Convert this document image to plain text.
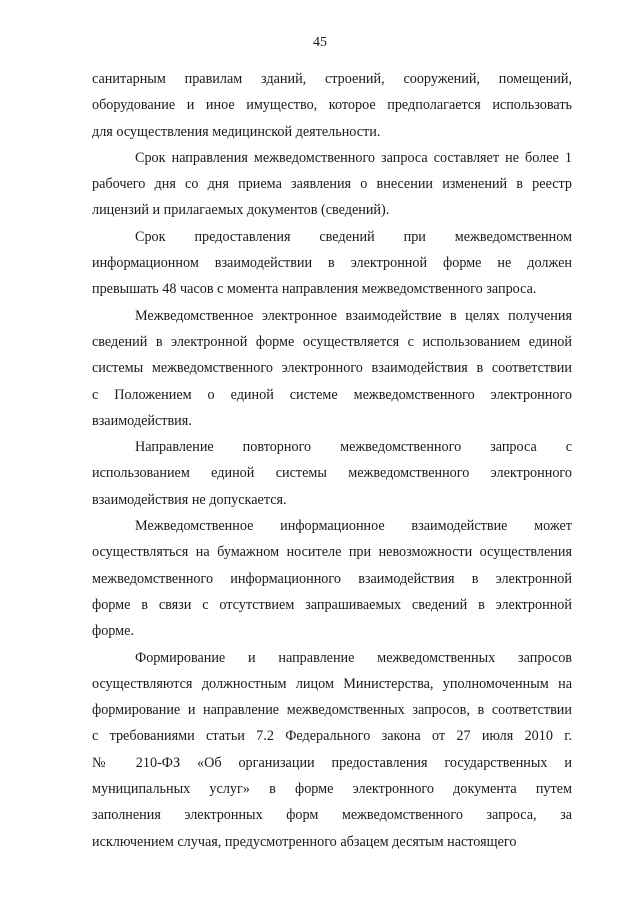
45
санитарным правилам зданий, строений, сооружений, помещений,
оборудование и иное имущество, которое предполагается использовать
для осуществления медицинской деятельности.
Срок направления межведомственного запроса составляет не более 1
рабочего дня со дня приема заявления о внесении изменений в реестр
лицензий и прилагаемых документов (сведений).
Срок предоставления сведений при межведомственном
информационном взаимодействии в электронной форме не должен
превышать 48 часов с момента направления межведомственного запроса.
Межведомственное электронное взаимодействие в целях получения
сведений в электронной форме осуществляется с использованием единой
системы межведомственного электронного взаимодействия в соответствии
с Положением о единой системе межведомственного электронного
взаимодействия.
Направление повторного межведомственного запроса с
использованием единой системы межведомственного электронного
взаимодействия не допускается.
Межведомственное информационное взаимодействие может
осуществляться на бумажном носителе при невозможности осуществления
межведомственного информационного взаимодействия в электронной
форме в связи с отсутствием запрашиваемых сведений в электронной
форме.
Формирование и направление межведомственных запросов
осуществляются должностным лицом Министерства, уполномоченным на
формирование и направление межведомственных запросов, в соответствии
с требованиями статьи 7.2 Федерального закона от 27 июля 2010 г.
№ 210-ФЗ «Об организации предоставления государственных и
муниципальных услуг» в форме электронного документа путем
заполнения электронных форм межведомственного запроса, за
исключением случая, предусмотренного абзацем десятым настоящего
